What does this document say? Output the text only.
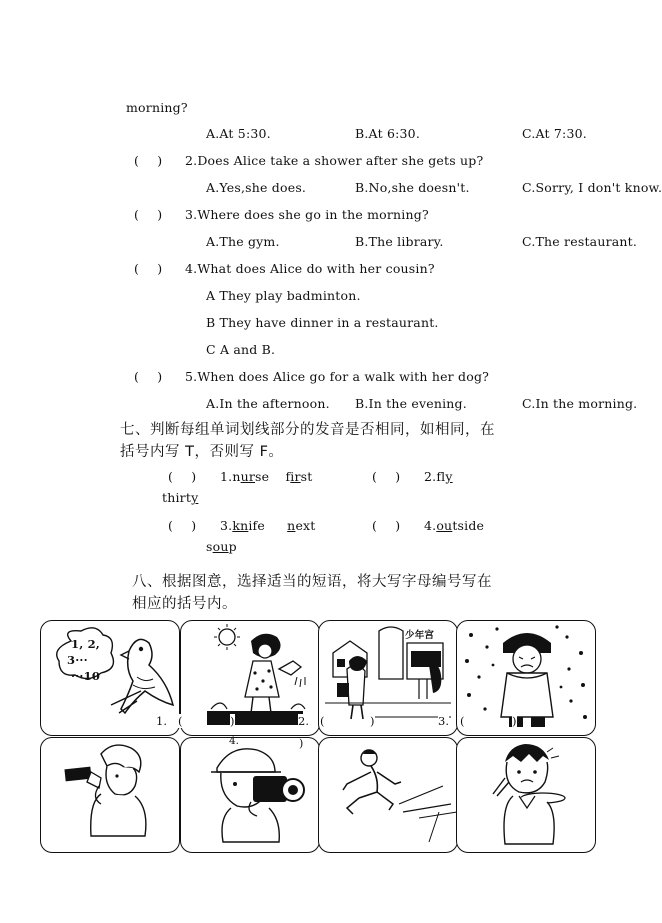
morning?
A.At 5:30.	B.At 6:30.	C.At 7:30.
( ) 2.Does Alice take a shower after she gets up?
A.Yes,she does.	B.No,she doesn't.	C.Sorry, I don't know.
( ) 3.Where does she go in the morning?
A.The gym.	B.The library.	C.The restaurant.
( ) 4.What does Alice do with her cousin?
A They play badminton.
B They have dinner in a restaurant.
C A and B.
( ) 5.When does Alice go for a walk with her dog?
A.In the afternoon. B.In the evening.	C.In the morning.
七、判断每组单词划线部分的发音是否相同，如相同，在
括号内写 T，否则写 F。
( ) 1.nurse first	( ) 2.fly
thirty
( ) 3.knife next	( ) 4.outside
soup
八、根据图意，选择适当的短语，将大写字母编号写在
相应的括号内。
1, 2,
3···
···10
少年宫
1. (	)	2. (	)	3. (	)
4.	)
